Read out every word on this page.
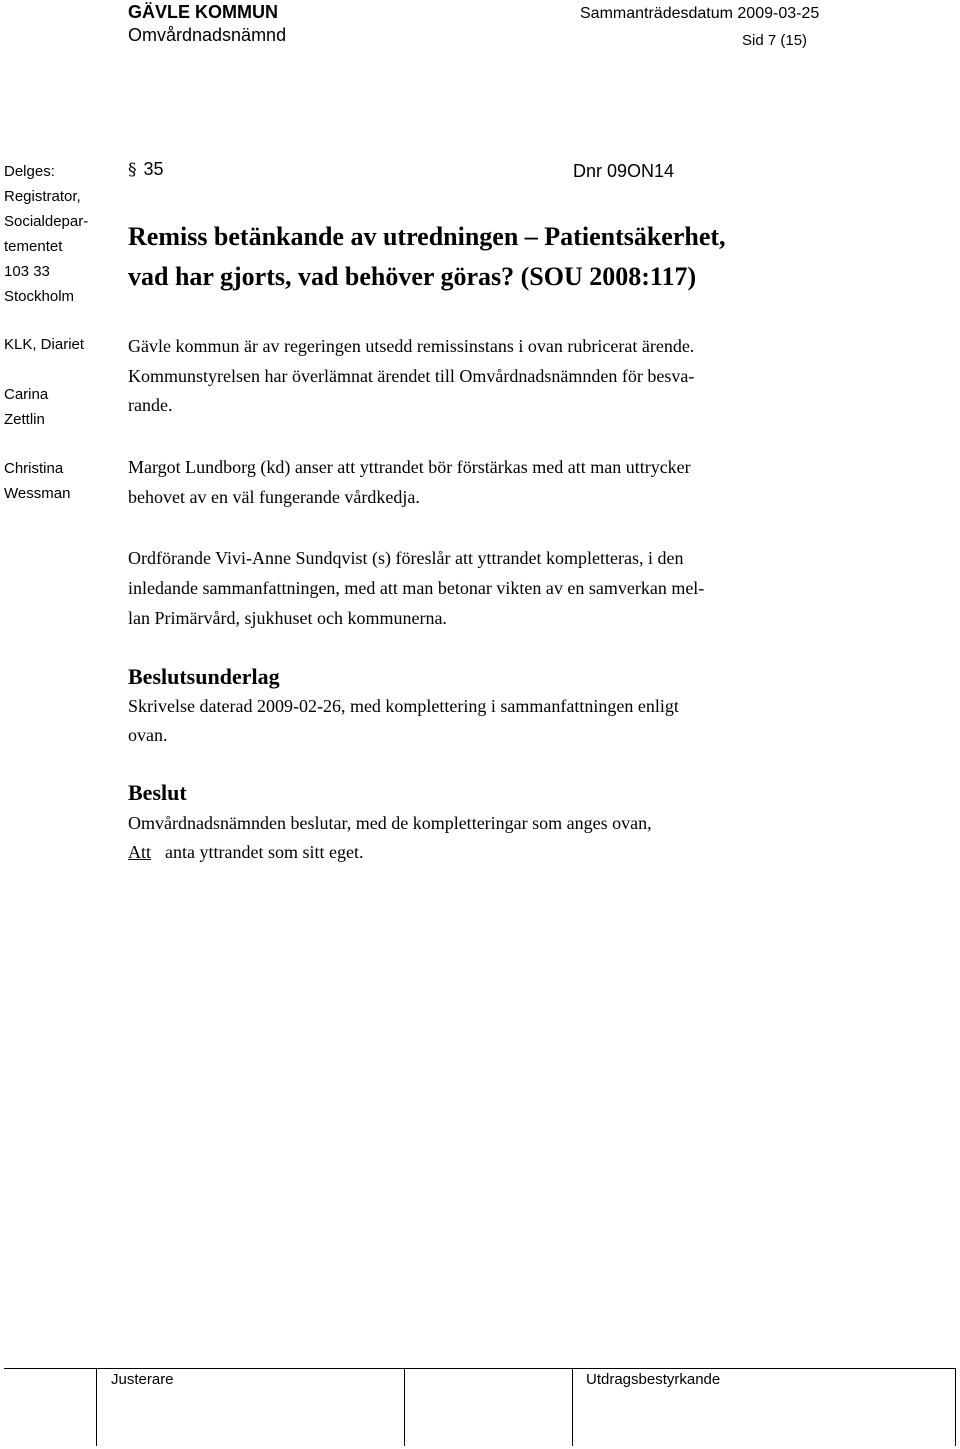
GÄVLE KOMMUN
Omvårdnadsnämnd
Sammanträdesdatum 2009-03-25
Sid 7 (15)
Delges:
Registrator,
Socialdepar-
tementet
103 33
Stockholm
KLK, Diariet
Carina
Zettlin
Christina
Wessman
§ 35	Dnr 09ON14
Remiss betänkande av utredningen – Patientsäkerhet,
vad har gjorts, vad behöver göras? (SOU 2008:117)
Gävle kommun är av regeringen utsedd remissinstans i ovan rubricerat ärende.
Kommunstyrelsen har överlämnat ärendet till Omvårdnadsnämnden för besva-
rande.
Margot Lundborg (kd) anser att yttrandet bör förstärkas med att man uttrycker
behovet av en väl fungerande vårdkedja.
Ordförande Vivi-Anne Sundqvist (s) föreslår att yttrandet kompletteras, i den
inledande sammanfattningen, med att man betonar vikten av en samverkan mel-
lan Primärvård, sjukhuset och kommunerna.
Beslutsunderlag
Skrivelse daterad 2009-02-26, med komplettering i sammanfattningen enligt
ovan.
Beslut
Omvårdnadsnämnden beslutar, med de kompletteringar som anges ovan,
Att anta yttrandet som sitt eget.
Justerare	Utdragsbestyrkande
